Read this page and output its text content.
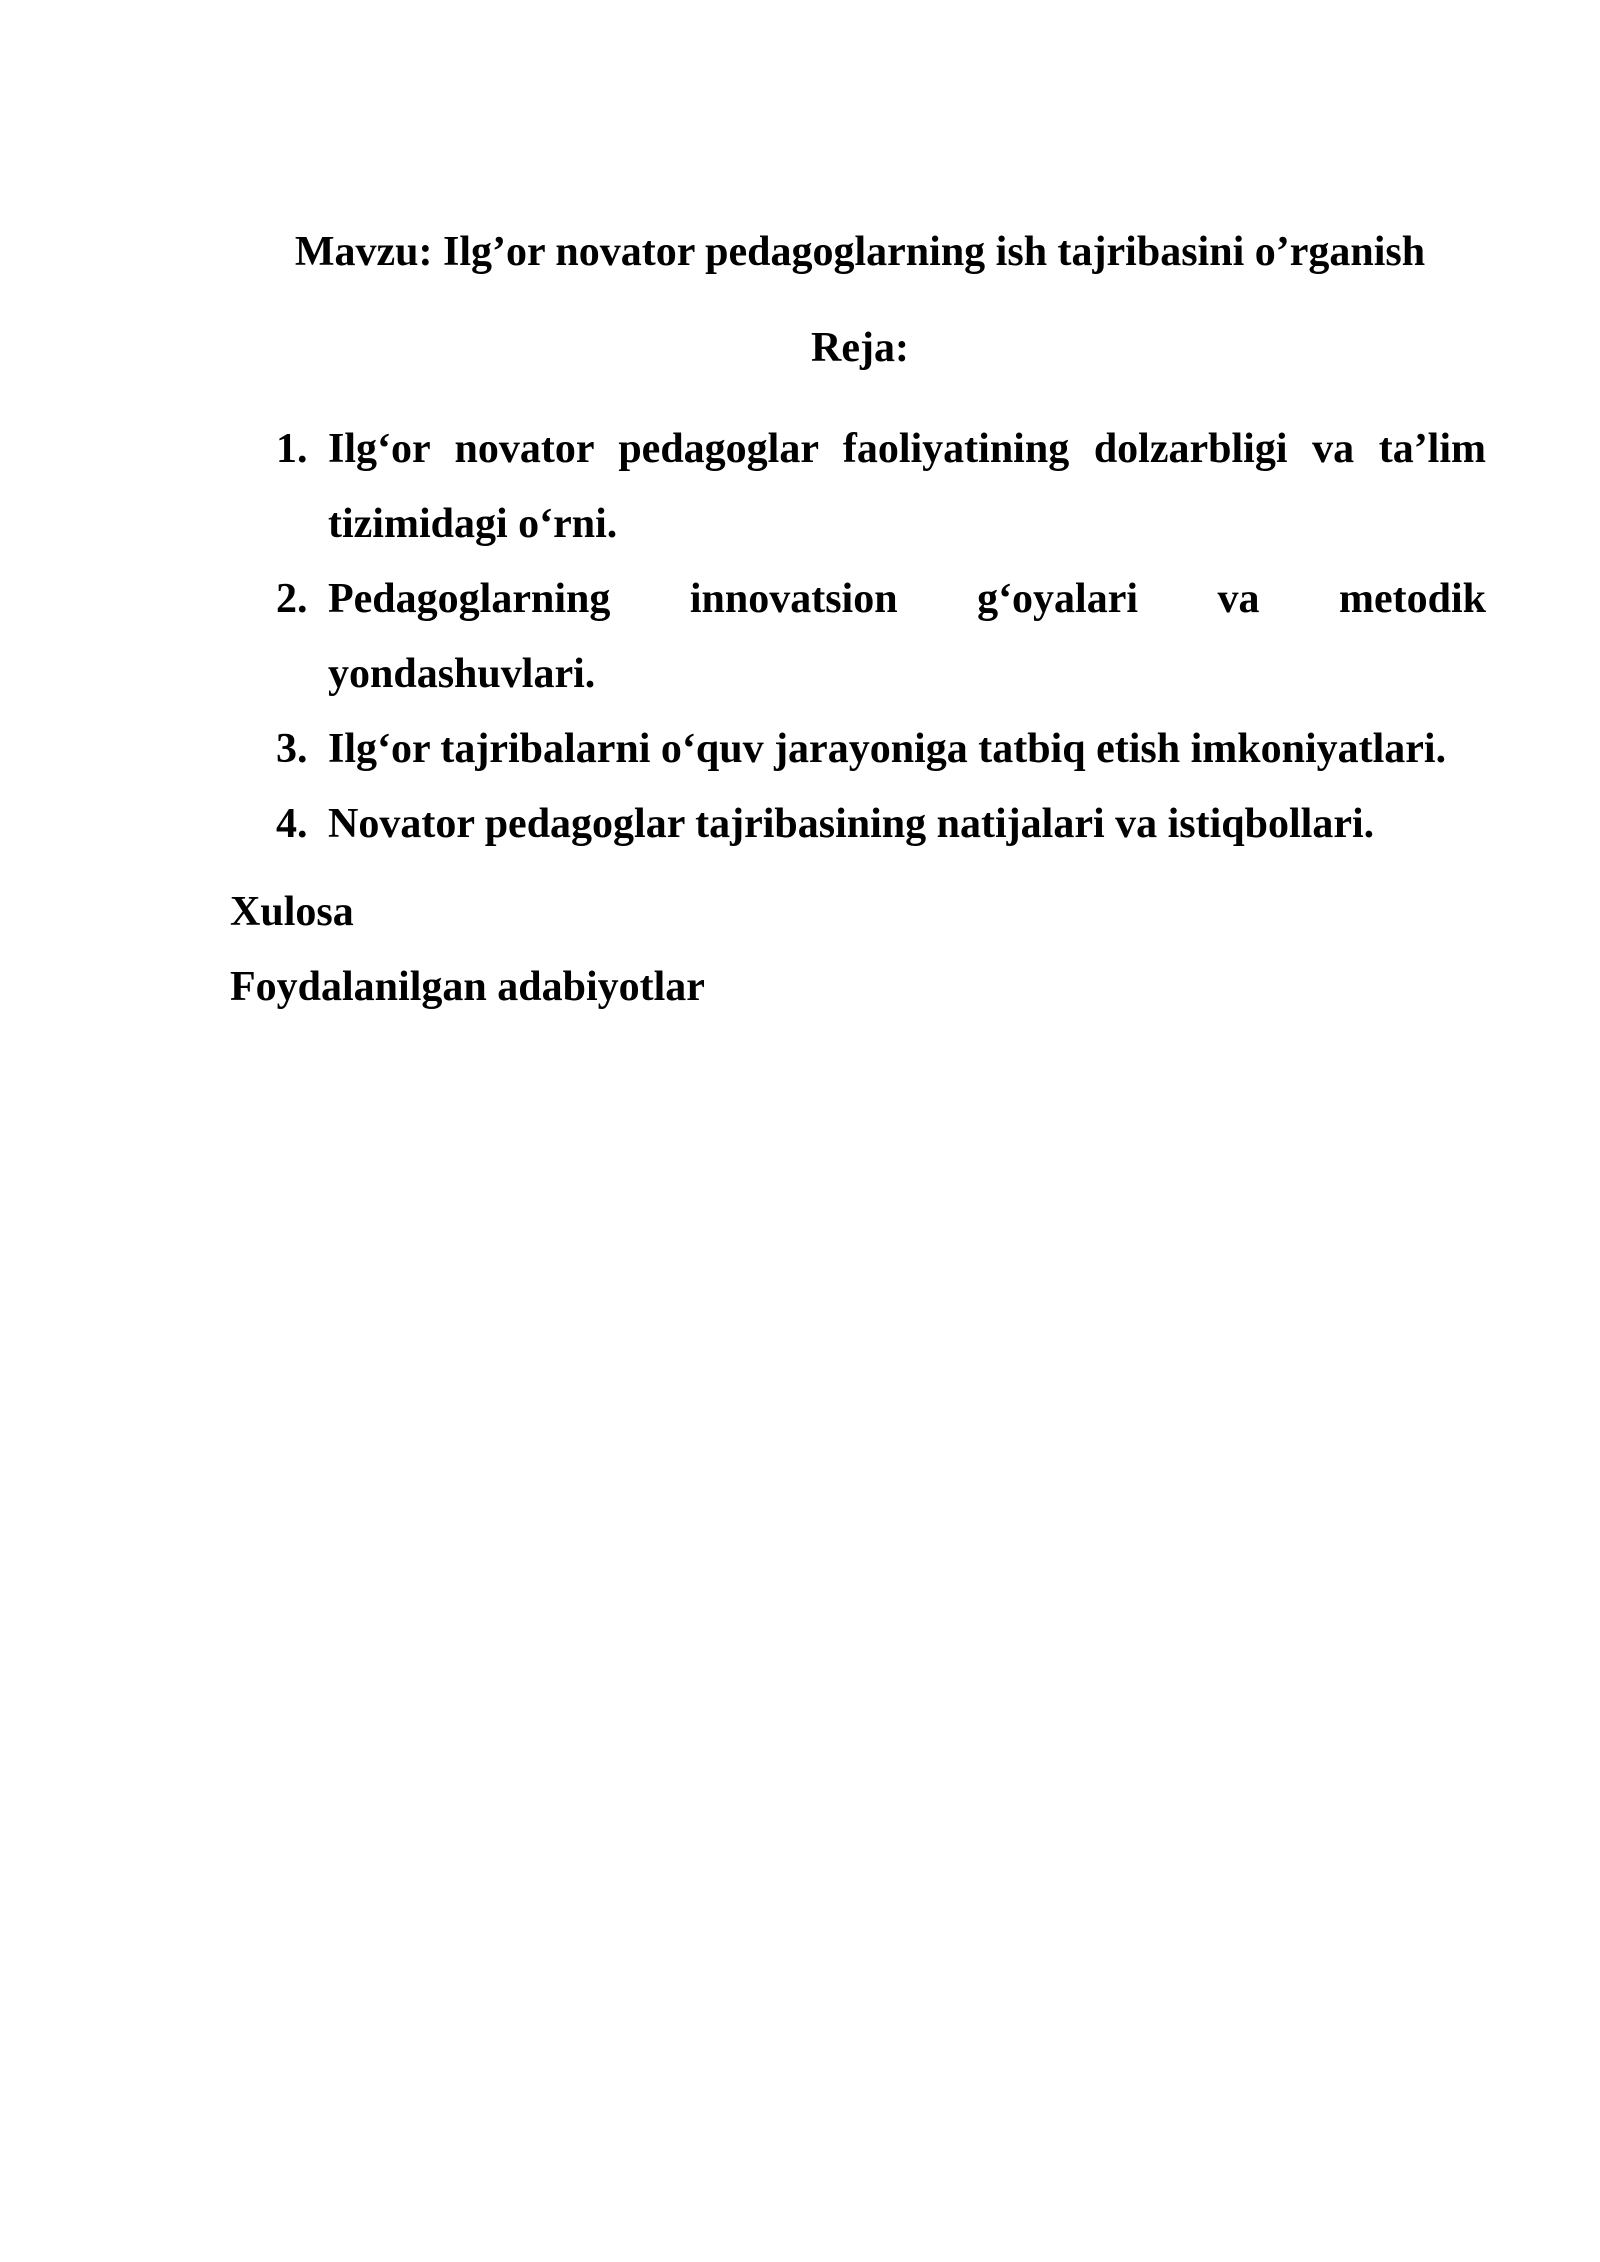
Mavzu: Ilg’or novator pedagoglarning ish tajribasini o’rganish

Reja:

1. Ilg‘or novator pedagoglar faoliyatining dolzarbligi va ta’lim tizimidagi o‘rni.
2. Pedagoglarning innovatsion g‘oyalari va metodik yondashuvlari.
3. Ilg‘or tajribalarni o‘quv jarayoniga tatbiq etish imkoniyatlari.
4. Novator pedagoglar tajribasining natijalari va istiqbollari.

Xulosa

Foydalanilgan adabiyotlar
